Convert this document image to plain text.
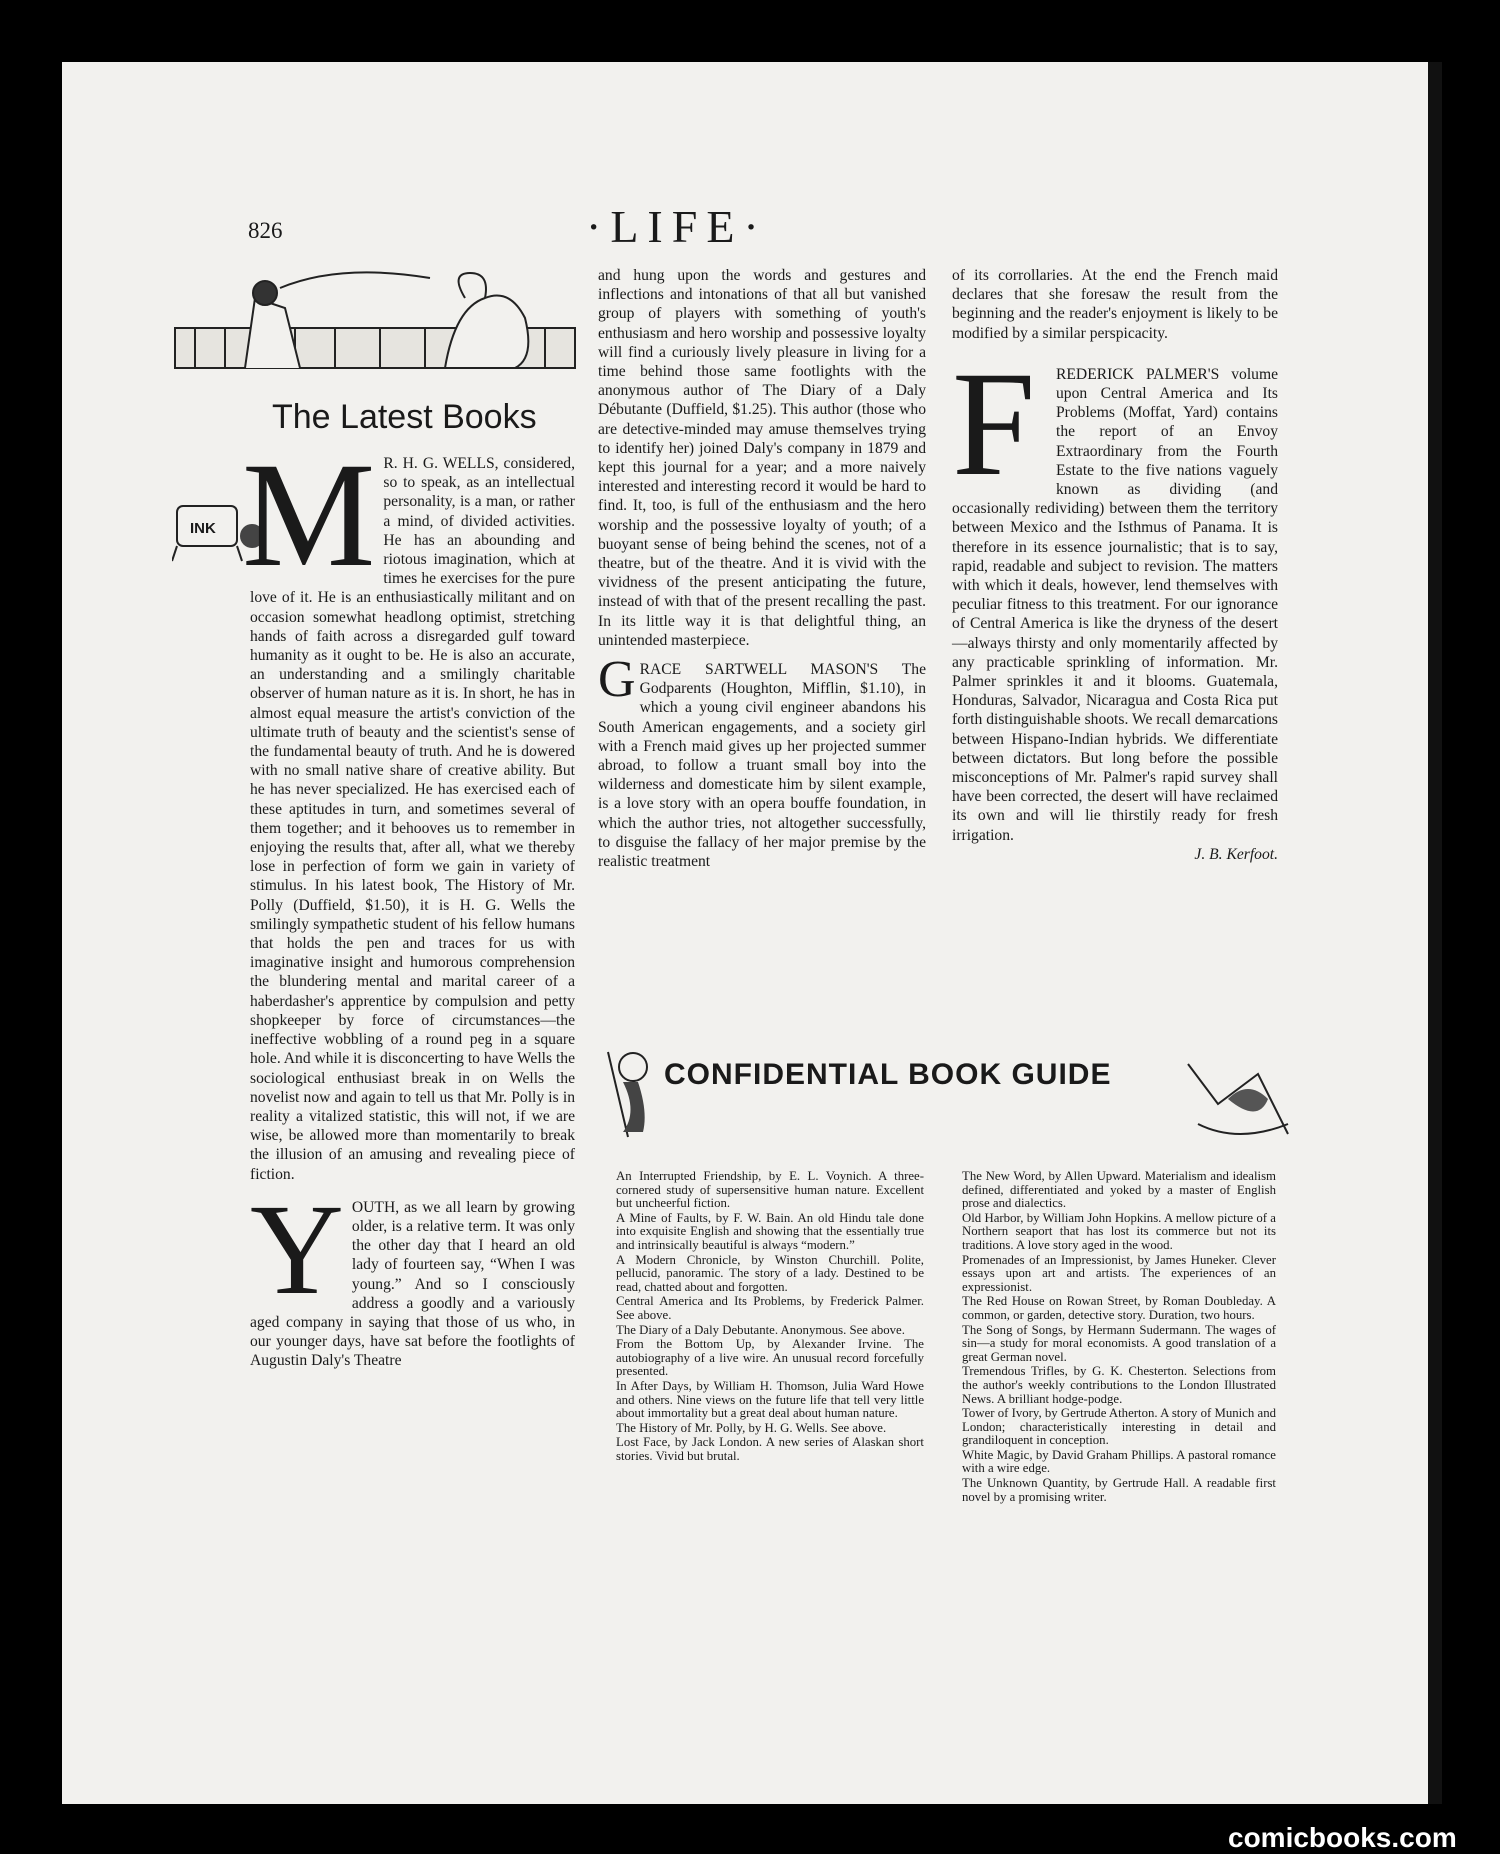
826	·LIFE·
The Latest Books
INK M R. H. G. WELLS, considered, so to speak, as an intellectual personality, is a man, or rather a mind, of divided activities. He has an abounding and riotous imagination, which at times he exercises for the pure love of it. He is an enthusiastically militant and on occasion somewhat headlong optimist, stretching hands of faith across a disregarded gulf toward humanity as it ought to be. He is also an accurate, an understanding and a smilingly charitable observer of human nature as it is. In short, he has in almost equal measure the artist's conviction of the ultimate truth of beauty and the scientist's sense of the fundamental beauty of truth. And he is dowered with no small native share of creative ability. But he has never specialized. He has exercised each of these aptitudes in turn, and sometimes several of them together; and it behooves us to remember in enjoying the results that, after all, what we thereby lose in perfection of form we gain in variety of stimulus. In his latest book, The History of Mr. Polly (Duffield, $1.50), it is H. G. Wells the smilingly sympathetic student of his fellow humans that holds the pen and traces for us with imaginative insight and humorous comprehension the blundering mental and marital career of a haberdasher's apprentice by compulsion and petty shopkeeper by force of circumstances—the ineffective wobbling of a round peg in a square hole. And while it is disconcerting to have Wells the sociological enthusiast break in on Wells the novelist now and again to tell us that Mr. Polly is in reality a vitalized statistic, this will not, if we are wise, be allowed more than momentarily to break the illusion of an amusing and revealing piece of fiction.

Y OUTH, as we all learn by growing older, is a relative term. It was only the other day that I heard an old lady of fourteen say, “When I was young.” And so I consciously address a goodly and a variously aged company in saying that those of us who, in our younger days, have sat before the footlights of Augustin Daly's Theatre

and hung upon the words and gestures and inflections and intonations of that all but vanished group of players with something of youth's enthusiasm and hero worship and possessive loyalty will find a curiously lively pleasure in living for a time behind those same footlights with the anonymous author of The Diary of a Daly Débutante (Duffield, $1.25). This author (those who are detective-minded may amuse themselves trying to identify her) joined Daly's company in 1879 and kept this journal for a year; and a more naively interested and interesting record it would be hard to find. It, too, is full of the enthusiasm and the hero worship and the possessive loyalty of youth; of a buoyant sense of being behind the scenes, not of a theatre, but of the theatre. And it is vivid with the vividness of the present anticipating the future, instead of with that of the present recalling the past. In its little way it is that delightful thing, an unintended masterpiece.

G RACE SARTWELL MASON'S The Godparents (Houghton, Mifflin, $1.10), in which a young civil engineer abandons his South American engagements, and a society girl with a French maid gives up her projected summer abroad, to follow a truant small boy into the wilderness and domesticate him by silent example, is a love story with an opera bouffe foundation, in which the author tries, not altogether successfully, to disguise the fallacy of her major premise by the realistic treatment

of its corrollaries. At the end the French maid declares that she foresaw the result from the beginning and the reader's enjoyment is likely to be modified by a similar perspicacity.

F	REDERICK PALMER'S volume upon Central America and Its Problems (Moffat, Yard) contains the report of an Envoy Extraordinary from the Fourth Estate to the five nations vaguely known as dividing (and occasionally redividing) between them the territory between Mexico and the Isthmus of Panama. It is therefore in its essence journalistic; that is to say, rapid, readable and subject to revision. The matters with which it deals, however, lend themselves with peculiar fitness to this treatment. For our ignorance of Central America is like the dryness of the desert—always thirsty and only momentarily affected by any practicable sprinkling of information. Mr. Palmer sprinkles it and it blooms. Guatemala, Honduras, Salvador, Nicaragua and Costa Rica put forth distinguishable shoots. We recall demarcations between Hispano-Indian hybrids. We differentiate between dictators. But long before the possible misconceptions of Mr. Palmer's rapid survey shall have been corrected, the desert will have reclaimed its own and will lie thirstily ready for fresh irrigation.

J. B. Kerfoot.

CONFIDENTIAL BOOK GUIDE

An Interrupted Friendship, by E. L. Voynich. A three-cornered study of supersensitive human nature. Excellent but uncheerful fiction.

A Mine of Faults, by F. W. Bain. An old Hindu tale done into exquisite English and showing that the essentially true and intrinsically beautiful is always “modern.”

A Modern Chronicle, by Winston Churchill. Polite, pellucid, panoramic. The story of a lady. Destined to be read, chatted about and forgotten.

Central America and Its Problems, by Frederick Palmer. See above.

The Diary of a Daly Debutante. Anonymous. See above.

From the Bottom Up, by Alexander Irvine. The autobiography of a live wire. An unusual record forcefully presented.

In After Days, by William H. Thomson, Julia Ward Howe and others. Nine views on the future life that tell very little about immortality but a great deal about human nature.

The History of Mr. Polly, by H. G. Wells. See above.

Lost Face, by Jack London. A new series of Alaskan short stories. Vivid but brutal.

The New Word, by Allen Upward. Materialism and idealism defined, differentiated and yoked by a master of English prose and dialectics.

Old Harbor, by William John Hopkins. A mellow picture of a Northern seaport that has lost its commerce but not its traditions. A love story aged in the wood.

Promenades of an Impressionist, by James Huneker. Clever essays upon art and artists. The experiences of an expressionist.

The Red House on Rowan Street, by Roman Doubleday. A common, or garden, detective story. Duration, two hours.

The Song of Songs, by Hermann Sudermann. The wages of sin—a study for moral economists. A good translation of a great German novel.

Tremendous Trifles, by G. K. Chesterton. Selections from the author's weekly contributions to the London Illustrated News. A brilliant hodge-podge.

Tower of Ivory, by Gertrude Atherton. A story of Munich and London; characteristically interesting in detail and grandiloquent in conception.

White Magic, by David Graham Phillips. A pastoral romance with a wire edge.

The Unknown Quantity, by Gertrude Hall. A readable first novel by a promising writer.

comicbooks.com
